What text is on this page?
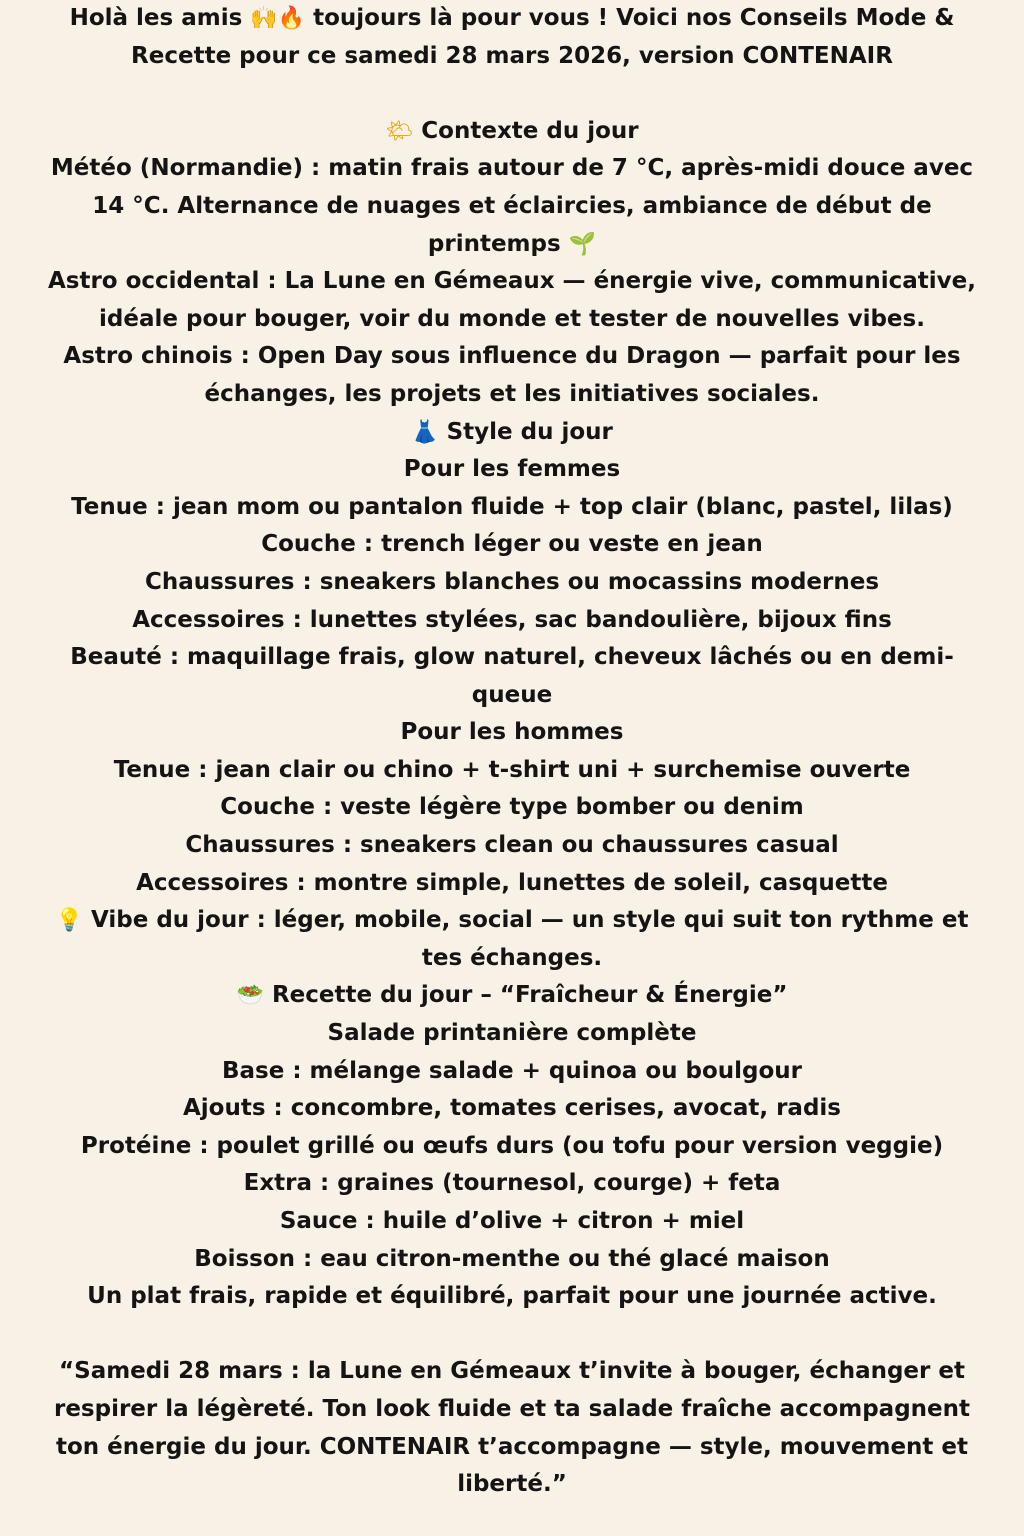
Holà les amis 🙌🔥 toujours là pour vous ! Voici nos Conseils Mode & Recette pour ce samedi 28 mars 2026, version CONTENAIR

🌤 Contexte du jour

Météo (Normandie) : matin frais autour de 7 °C, après-midi douce avec 14 °C. Alternance de nuages et éclaircies, ambiance de début de printemps 🌱

Astro occidental : La Lune en Gémeaux — énergie vive, communicative, idéale pour bouger, voir du monde et tester de nouvelles vibes.

Astro chinois : Open Day sous influence du Dragon — parfait pour les échanges, les projets et les initiatives sociales.

👗 Style du jour

Pour les femmes

Tenue : jean mom ou pantalon fluide + top clair (blanc, pastel, lilas)

Couche : trench léger ou veste en jean

Chaussures : sneakers blanches ou mocassins modernes

Accessoires : lunettes stylées, sac bandoulière, bijoux fins

Beauté : maquillage frais, glow naturel, cheveux lâchés ou en demi-queue

Pour les hommes

Tenue : jean clair ou chino + t-shirt uni + surchemise ouverte

Couche : veste légère type bomber ou denim

Chaussures : sneakers clean ou chaussures casual

Accessoires : montre simple, lunettes de soleil, casquette

💡 Vibe du jour : léger, mobile, social — un style qui suit ton rythme et tes échanges.

🥗 Recette du jour – “Fraîcheur & Énergie”

Salade printanière complète

Base : mélange salade + quinoa ou boulgour

Ajouts : concombre, tomates cerises, avocat, radis

Protéine : poulet grillé ou œufs durs (ou tofu pour version veggie)

Extra : graines (tournesol, courge) + feta

Sauce : huile d’olive + citron + miel

Boisson : eau citron-menthe ou thé glacé maison

Un plat frais, rapide et équilibré, parfait pour une journée active.

“Samedi 28 mars : la Lune en Gémeaux t’invite à bouger, échanger et respirer la légèreté. Ton look fluide et ta salade fraîche accompagnent ton énergie du jour. CONTENAIR t’accompagne — style, mouvement et liberté.”
